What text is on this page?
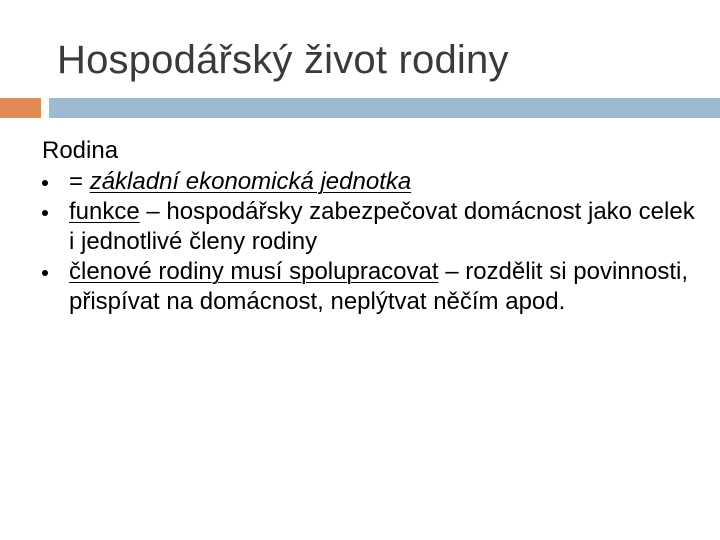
Hospodářský život rodiny

Rodina

= základní ekonomická jednotka
funkce – hospodářsky zabezpečovat domácnost jako celek i jednotlivé členy rodiny
členové rodiny musí spolupracovat – rozdělit si povinnosti, přispívat na domácnost, neplýtvat něčím apod.
